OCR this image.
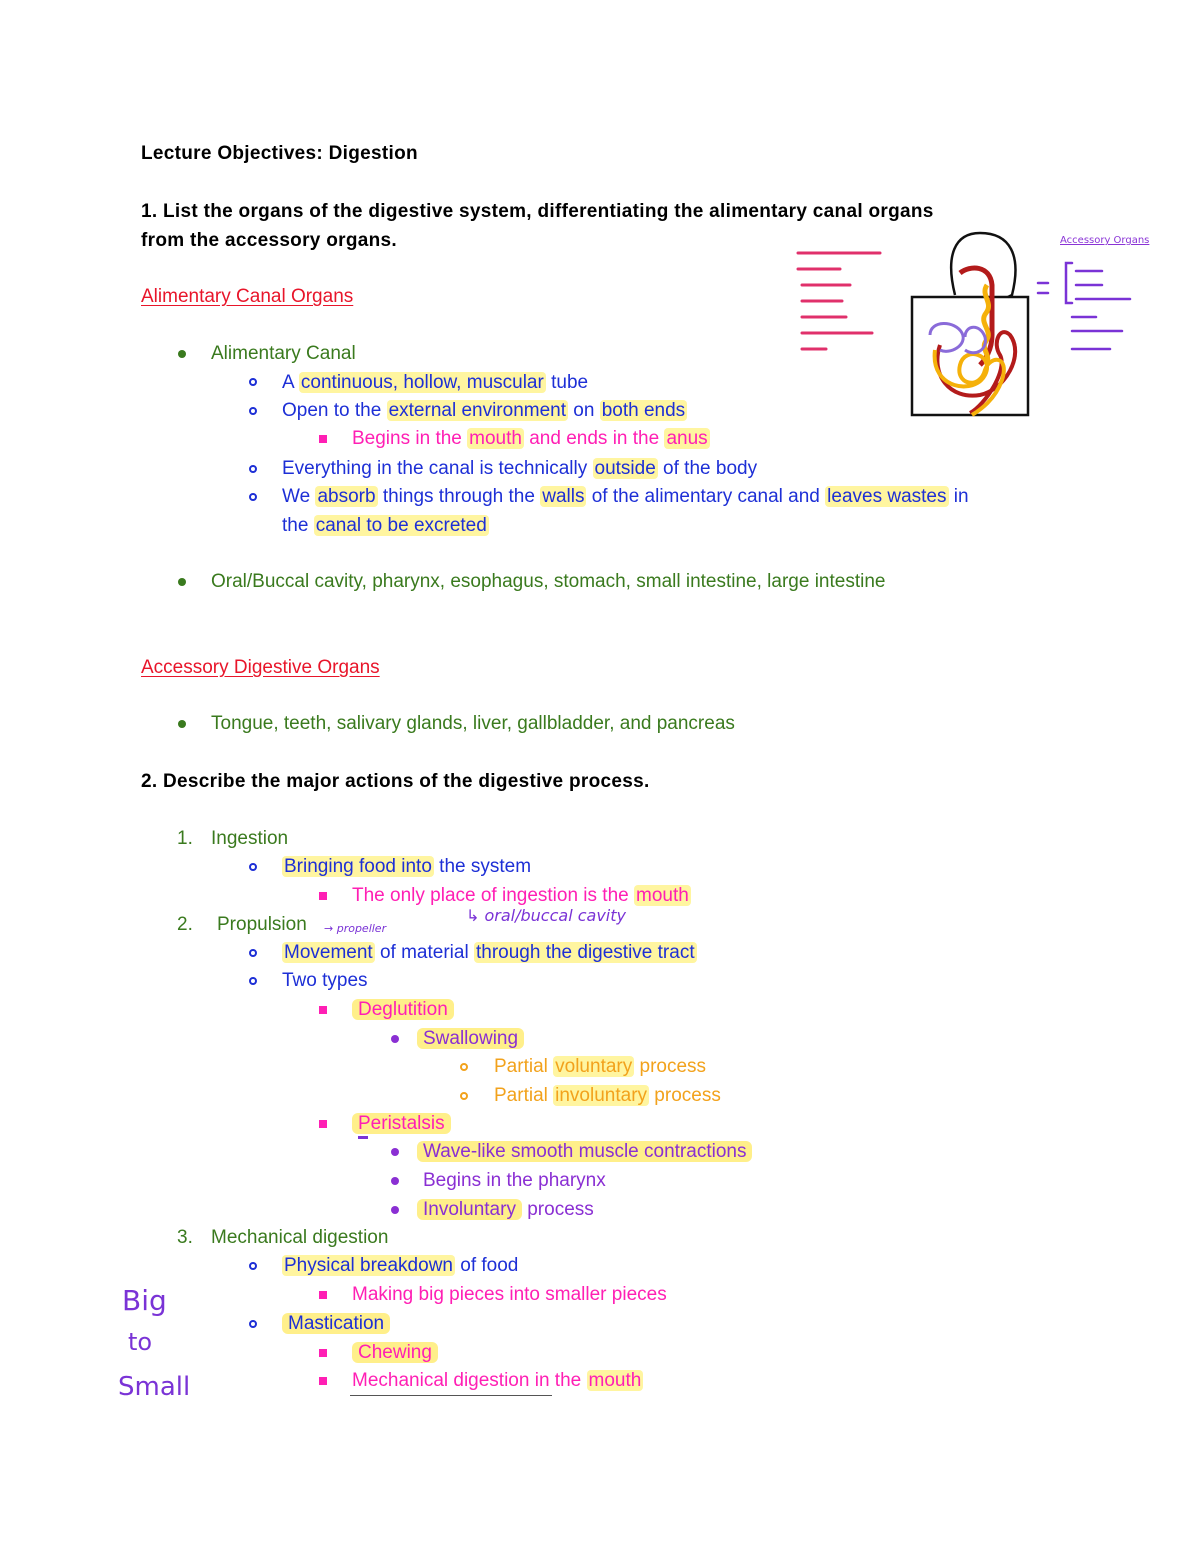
Lecture Objectives: Digestion
1. List the organs of the digestive system, differentiating the alimentary canal organs
from the accessory organs.
Alimentary Canal Organs
Alimentary Canal
A continuous, hollow, muscular tube
Open to the external environment on both ends
Begins in the mouth and ends in the anus
Everything in the canal is technically outside of the body
We absorb things through the walls of the alimentary canal and leaves wastes in
the canal to be excreted
Oral/Buccal cavity, pharynx, esophagus, stomach, small intestine, large intestine
Accessory Digestive Organs
Tongue, teeth, salivary glands, liver, gallbladder, and pancreas
2. Describe the major actions of the digestive process.
1. Ingestion
Bringing food into the system
The only place of ingestion is the mouth
↳ oral/buccal cavity
2. Propulsion → propeller
Movement of material through the digestive tract
Two types
Deglutition
Swallowing
Partial voluntary process
Partial involuntary process
Peristalsis
Wave-like smooth muscle contractions
Begins in the pharynx
Involuntary process
3. Mechanical digestion
Physical breakdown of food
Making big pieces into smaller pieces
Mastication
Chewing
Mechanical digestion in the mouth
Big
to
Small
Accessory Organs
